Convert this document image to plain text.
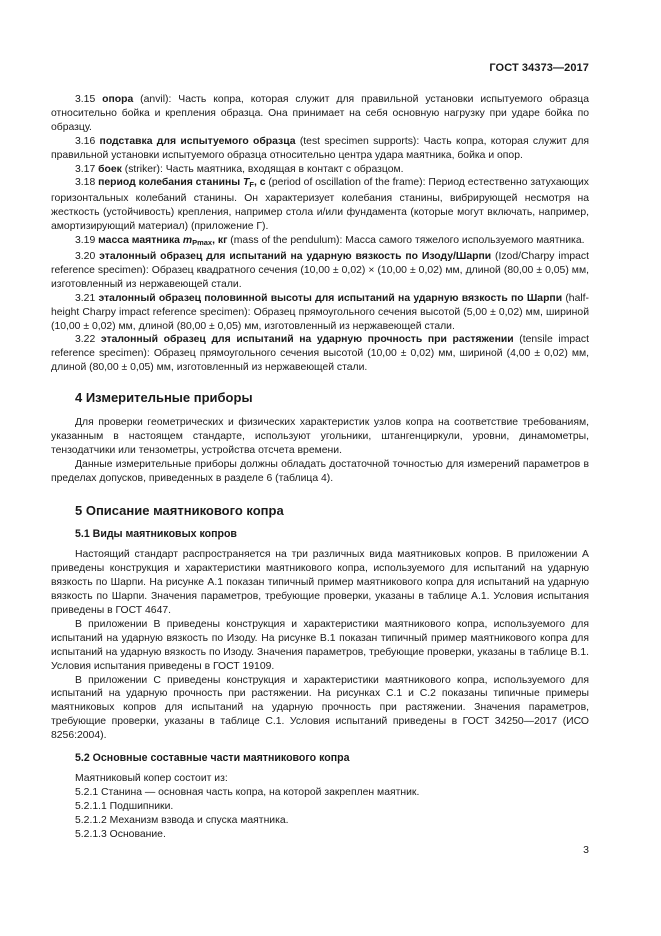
ГОСТ 34373—2017

3.15 опора (anvil): Часть копра, которая служит для правильной установки испытуемого образца относительно бойка и крепления образца. Она принимает на себя основную нагрузку при ударе бойка по образцу.

3.16 подставка для испытуемого образца (test specimen supports): Часть копра, которая служит для правильной установки испытуемого образца относительно центра удара маятника, бойка и опор.

3.17 боек (striker): Часть маятника, входящая в контакт с образцом.

3.18 период колебания станины $T_F$, с (period of oscillation of the frame): Период естественно затухающих горизонтальных колебаний станины. Он характеризует колебания станины, вибрирующей несмотря на жесткость (устойчивость) крепления, например стола и/или фундамента (которые могут включать, например, амортизирующий материал) (приложение Г).

3.19 масса маятника $m_{Pmax}$, кг (mass of the pendulum): Масса самого тяжелого используемого маятника.

3.20 эталонный образец для испытаний на ударную вязкость по Изоду/Шарпи (Izod/Charpy impact reference specimen): Образец квадратного сечения (10,00 ± 0,02) × (10,00 ± 0,02) мм, длиной (80,00 ± 0,05) мм, изготовленный из нержавеющей стали.

3.21 эталонный образец половинной высоты для испытаний на ударную вязкость по Шарпи (half-height Charpy impact reference specimen): Образец прямоугольного сечения высотой (5,00 ± 0,02) мм, шириной (10,00 ± 0,02) мм, длиной (80,00 ± 0,05) мм, изготовленный из нержавеющей стали.

3.22 эталонный образец для испытаний на ударную прочность при растяжении (tensile impact reference specimen): Образец прямоугольного сечения высотой (10,00 ± 0,02) мм, шириной (4,00 ± 0,02) мм, длиной (80,00 ± 0,05) мм, изготовленный из нержавеющей стали.

4 Измерительные приборы

Для проверки геометрических и физических характеристик узлов копра на соответствие требованиям, указанным в настоящем стандарте, используют угольники, штангенциркули, уровни, динамометры, тензодатчики или тензометры, устройства отсчета времени.

Данные измерительные приборы должны обладать достаточной точностью для измерений параметров в пределах допусков, приведенных в разделе 6 (таблица 4).

5 Описание маятникового копра
5.1 Виды маятниковых копров

Настоящий стандарт распространяется на три различных вида маятниковых копров. В приложении А приведены конструкция и характеристики маятникового копра, используемого для испытаний на ударную вязкость по Шарпи. На рисунке А.1 показан типичный пример маятникового копра для испытаний на ударную вязкость по Шарпи. Значения параметров, требующие проверки, указаны в таблице А.1. Условия испытания приведены в ГОСТ 4647.

В приложении В приведены конструкция и характеристики маятникового копра, используемого для испытаний на ударную вязкость по Изоду. На рисунке В.1 показан типичный пример маятникового копра для испытаний на ударную вязкость по Изоду. Значения параметров, требующие проверки, указаны в таблице В.1. Условия испытания приведены в ГОСТ 19109.

В приложении С приведены конструкция и характеристики маятникового копра, используемого для испытаний на ударную прочность при растяжении. На рисунках С.1 и С.2 показаны типичные примеры маятниковых копров для испытаний на ударную прочность при растяжении. Значения параметров, требующие проверки, указаны в таблице С.1. Условия испытаний приведены в ГОСТ 34250—2017 (ИСО 8256:2004).

5.2 Основные составные части маятникового копра

Маятниковый копер состоит из:

5.2.1 Станина — основная часть копра, на которой закреплен маятник.

5.2.1.1 Подшипники.

5.2.1.2 Механизм взвода и спуска маятника.

5.2.1.3 Основание.

3
